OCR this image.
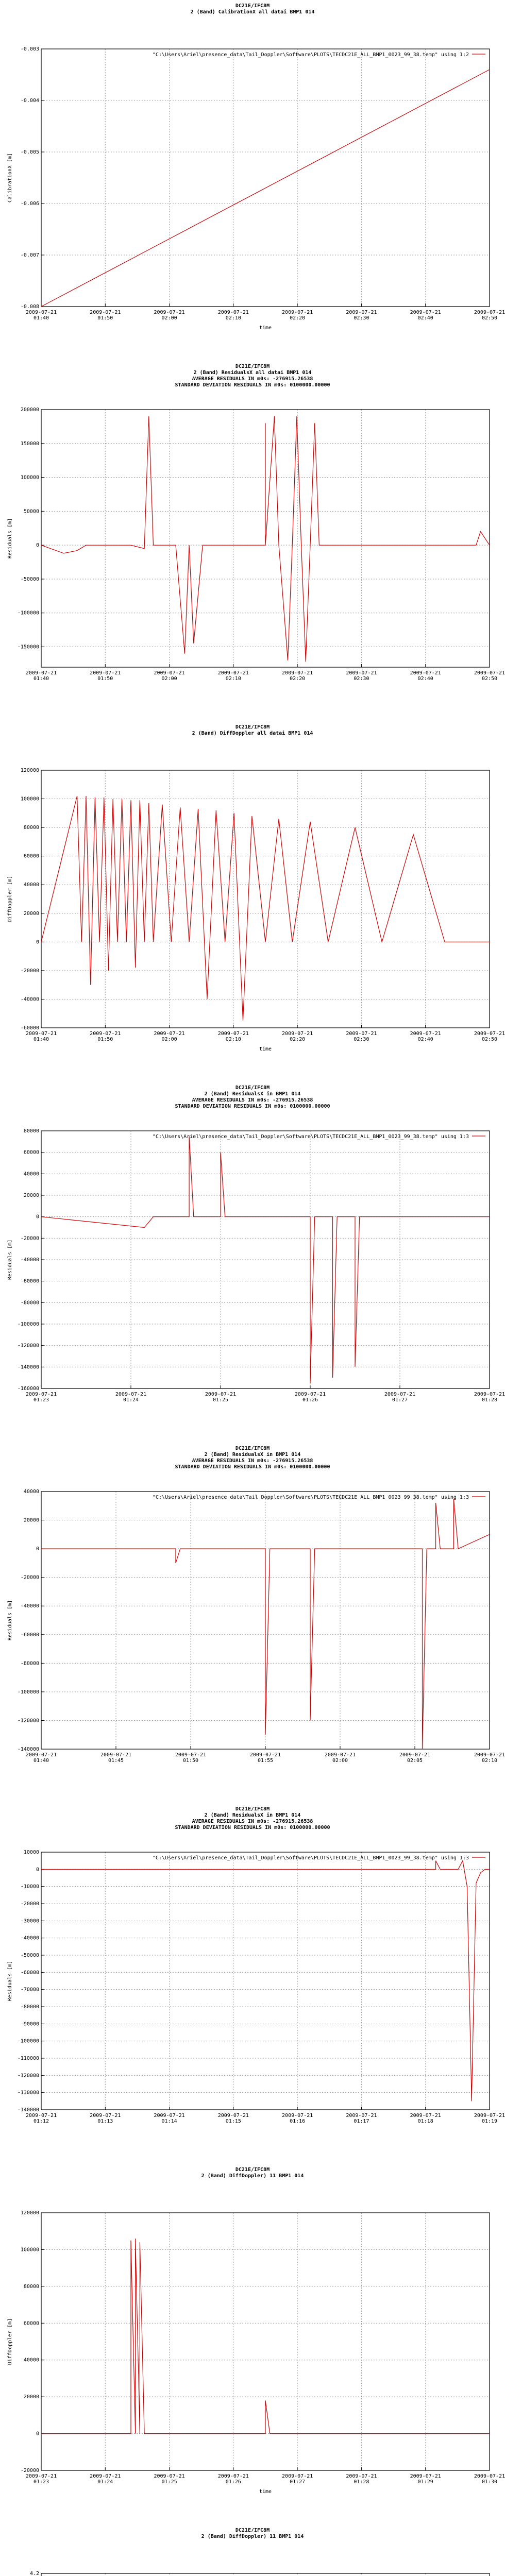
DC21E/IFC8M
2 (Band) CalibrationX all datai BMP1 014
-0.003
-0.004
-0.005
-0.006
-0.007
-0.008
2009-07-21
01:40
2009-07-21
01:50
2009-07-21
02:00
2009-07-21
02:10
2009-07-21
02:20
2009-07-21
02:30
2009-07-21
02:40
2009-07-21
02:50
CalibrationX [m]
time
"C:\Users\Ariel\presence_data\Tail_Doppler\Software\PLOTS\TECDC21E_ALL_BMP1_0023_99_38.temp" using 1:2
DC21E/IFC8M
2 (Band) ResidualsX all datai BMP1 014
AVERAGE RESIDUALS IN m0s: -276915.26538
STANDARD DEVIATION RESIDUALS IN m0s: 0100000.00000
200000
150000
100000
50000
0
-50000
-100000
-150000
2009-07-21
01:40
2009-07-21
01:50
2009-07-21
02:00
2009-07-21
02:10
2009-07-21
02:20
2009-07-21
02:30
2009-07-21
02:40
2009-07-21
02:50
Residuals [m]
DC21E/IFC8M
2 (Band) DiffDoppler all datai BMP1 014
120000
100000
80000
60000
40000
20000
0
-20000
-40000
-60000
2009-07-21
01:40
2009-07-21
01:50
2009-07-21
02:00
2009-07-21
02:10
2009-07-21
02:20
2009-07-21
02:30
2009-07-21
02:40
2009-07-21
02:50
DiffDoppler [m]
time
DC21E/IFC8M
2 (Band) ResidualsX in BMP1 014
AVERAGE RESIDUALS IN m0s: -276915.26538
STANDARD DEVIATION RESIDUALS IN m0s: 0100000.00000
80000
60000
40000
20000
0
-20000
-40000
-60000
-80000
-100000
-120000
-140000
-160000
2009-07-21
01:23
2009-07-21
01:24
2009-07-21
01:25
2009-07-21
01:26
2009-07-21
01:27
2009-07-21
01:28
Residuals [m]
"C:\Users\Ariel\presence_data\Tail_Doppler\Software\PLOTS\TECDC21E_ALL_BMP1_0023_99_38.temp" using 1:3
DC21E/IFC8M
2 (Band) ResidualsX in BMP1 014
AVERAGE RESIDUALS IN m0s: -276915.26538
STANDARD DEVIATION RESIDUALS IN m0s: 0100000.00000
40000
20000
0
-20000
-40000
-60000
-80000
-100000
-120000
-140000
2009-07-21
01:40
2009-07-21
01:45
2009-07-21
01:50
2009-07-21
01:55
2009-07-21
02:00
2009-07-21
02:05
2009-07-21
02:10
Residuals [m]
"C:\Users\Ariel\presence_data\Tail_Doppler\Software\PLOTS\TECDC21E_ALL_BMP1_0023_99_38.temp" using 1:3
DC21E/IFC8M
2 (Band) ResidualsX in BMP1 014
AVERAGE RESIDUALS IN m0s: -276915.26538
STANDARD DEVIATION RESIDUALS IN m0s: 0100000.00000
10000
0
-10000
-20000
-30000
-40000
-50000
-60000
-70000
-80000
-90000
-100000
-110000
-120000
-130000
-140000
2009-07-21
01:12
2009-07-21
01:13
2009-07-21
01:14
2009-07-21
01:15
2009-07-21
01:16
2009-07-21
01:17
2009-07-21
01:18
2009-07-21
01:19
Residuals [m]
"C:\Users\Ariel\presence_data\Tail_Doppler\Software\PLOTS\TECDC21E_ALL_BMP1_0023_99_38.temp" using 1:3
DC21E/IFC8M
2 (Band) DiffDoppler) 11 BMP1 014
120000
100000
80000
60000
40000
20000
0
-20000
2009-07-21
01:23
2009-07-21
01:24
2009-07-21
01:25
2009-07-21
01:26
2009-07-21
01:27
2009-07-21
01:28
2009-07-21
01:29
2009-07-21
01:30
DiffDoppler [m]
time
DC21E/IFC8M
2 (Band) DiffDoppler) 11 BMP1 014
4.2
